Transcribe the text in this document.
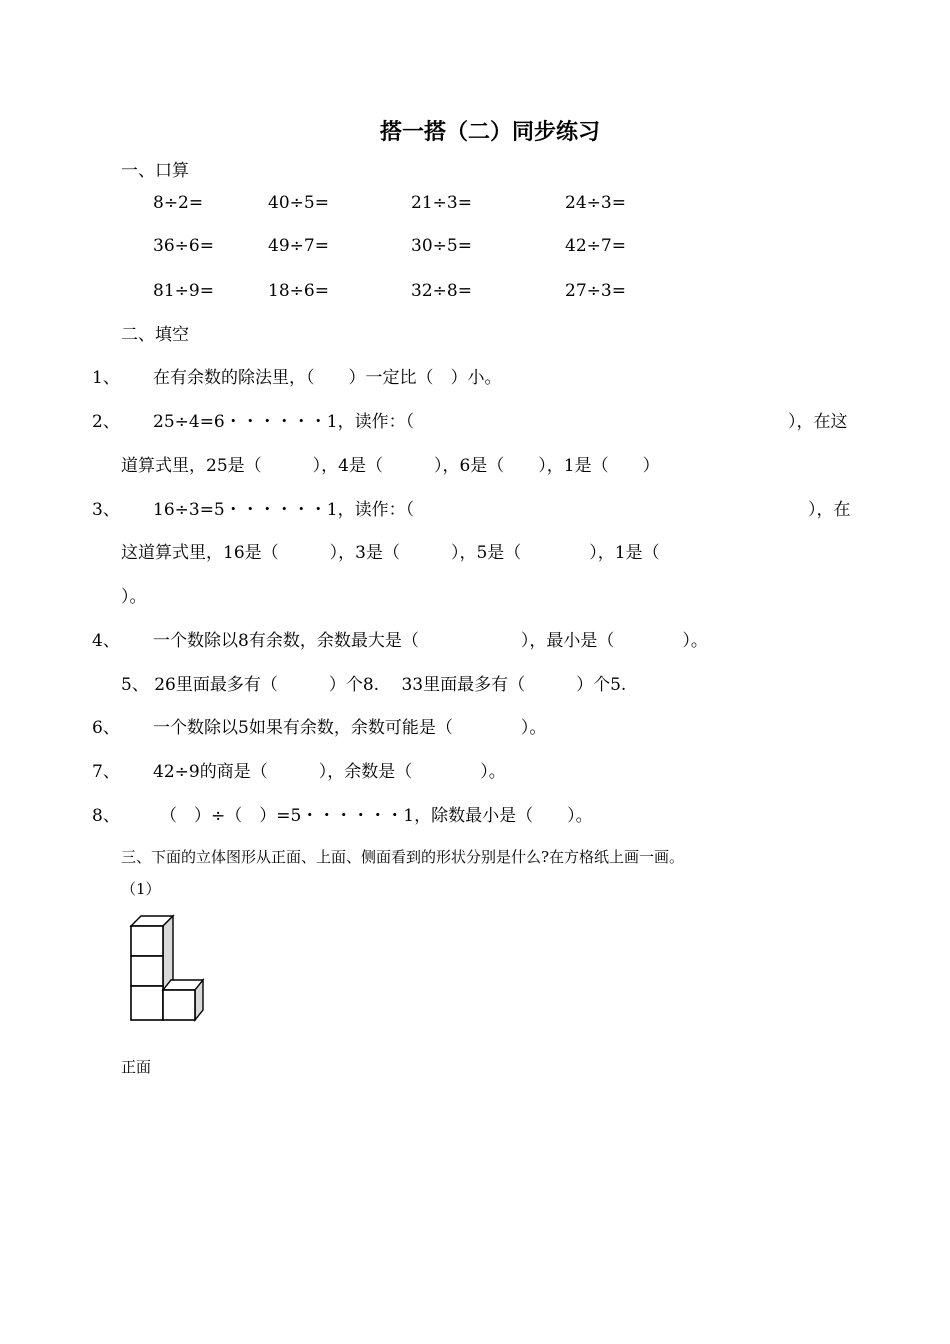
搭一搭（二）同步练习
一、口算
8÷2=	40÷5=	21÷3=	24÷3=
36÷6=	49÷7=	30÷5=	42÷7=
81÷9=	18÷6=	32÷8=	27÷3=
二、填空
1、 在有余数的除法里，（　　）一定比（　）小。
2、 25÷4=6・・・・・・1，读作：（	），在这
道算式里，25是（　　　），4是（　　　），6是（　　），1是（　　）
3、 16÷3=5・・・・・・1，读作：（	），在
这道算式里，16是（　　　），3是（　　　），5是（　　　　），1是（
）。
4、 一个数除以8有余数，余数最大是（　　　　　　），最小是（　　　　）。
5、 26里面最多有（　　　）个8.　 33里面最多有（　　　）个5.
6、 一个数除以5如果有余数，余数可能是（　　　　）。
7、 42÷9的商是（　　　），余数是（　　　　）。
8、 （　）÷（　）=5・・・・・・1，除数最小是（　　）。
三、下面的立体图形从正面、上面、侧面看到的形状分别是什么?在方格纸上画一画。
（1）
正面
